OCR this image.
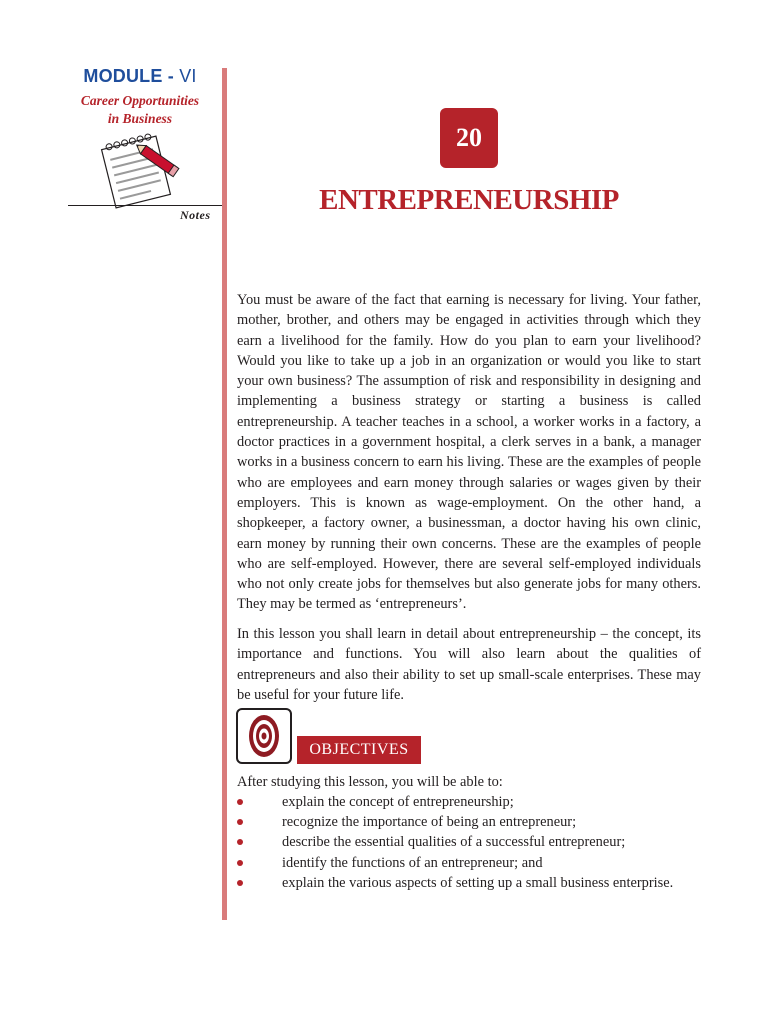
MODULE - VI
Career Opportunities
in Business
Notes
20
ENTREPRENEURSHIP

You must be aware of the fact that earning is necessary for living. Your father, mother, brother, and others may be engaged in activities through which they earn a livelihood for the family. How do you plan to earn your livelihood? Would you like to take up a job in an organization or would you like to start your own business? The assumption of risk and responsibility in designing and implementing a business strategy or starting a business is called entrepreneurship. A teacher teaches in a school, a worker works in a factory, a doctor practices in a government hospital, a clerk serves in a bank, a manager works in a business concern to earn his living. These are the examples of people who are employees and earn money through salaries or wages given by their employers. This is known as wage-employment. On the other hand, a shopkeeper, a factory owner, a businessman, a doctor having his own clinic, earn money by running their own concerns. These are the examples of people who are self-employed. However, there are several self-employed individuals who not only create jobs for themselves but also generate jobs for many others. They may be termed as ‘entrepreneurs’.

In this lesson you shall learn in detail about entrepreneurship – the concept, its importance and functions. You will also learn about the qualities of entrepreneurs and also their ability to set up small-scale enterprises. These may be useful for your future life.

OBJECTIVES
After studying this lesson, you will be able to:
explain the concept of entrepreneurship;
recognize the importance of being an entrepreneur;
describe the essential qualities of a successful entrepreneur;
identify the functions of an entrepreneur; and
explain the various aspects of setting up a small business enterprise.
